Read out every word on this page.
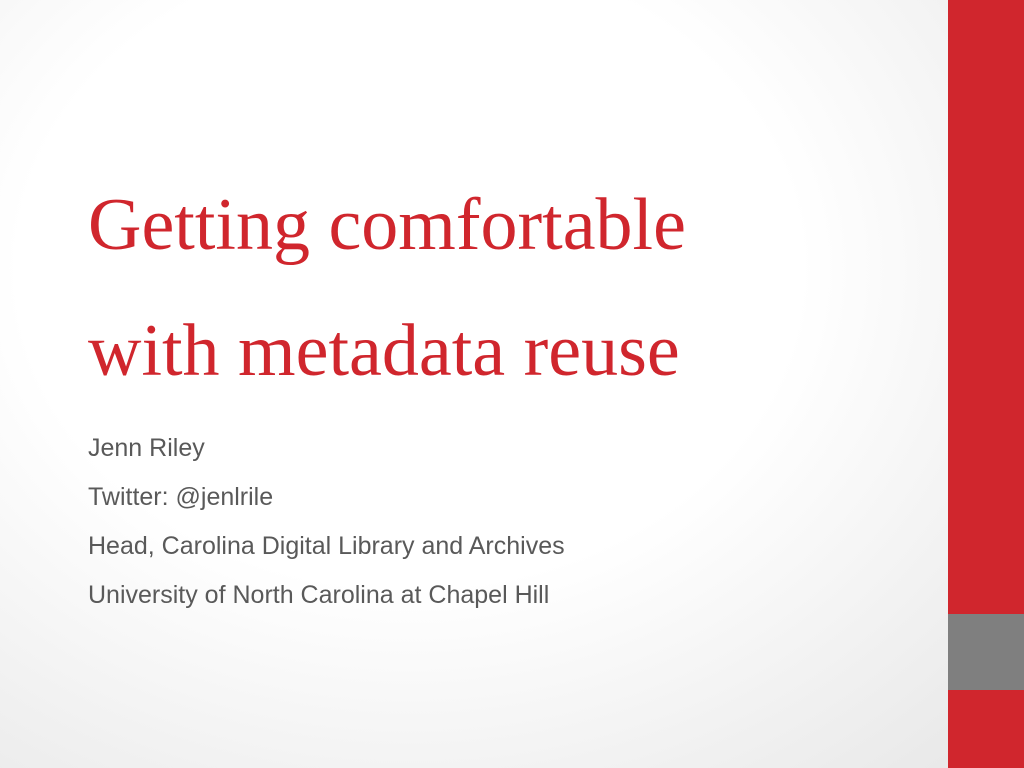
Getting comfortable
with metadata reuse
Jenn Riley
Twitter: @jenlrile
Head, Carolina Digital Library and Archives
University of North Carolina at Chapel Hill
